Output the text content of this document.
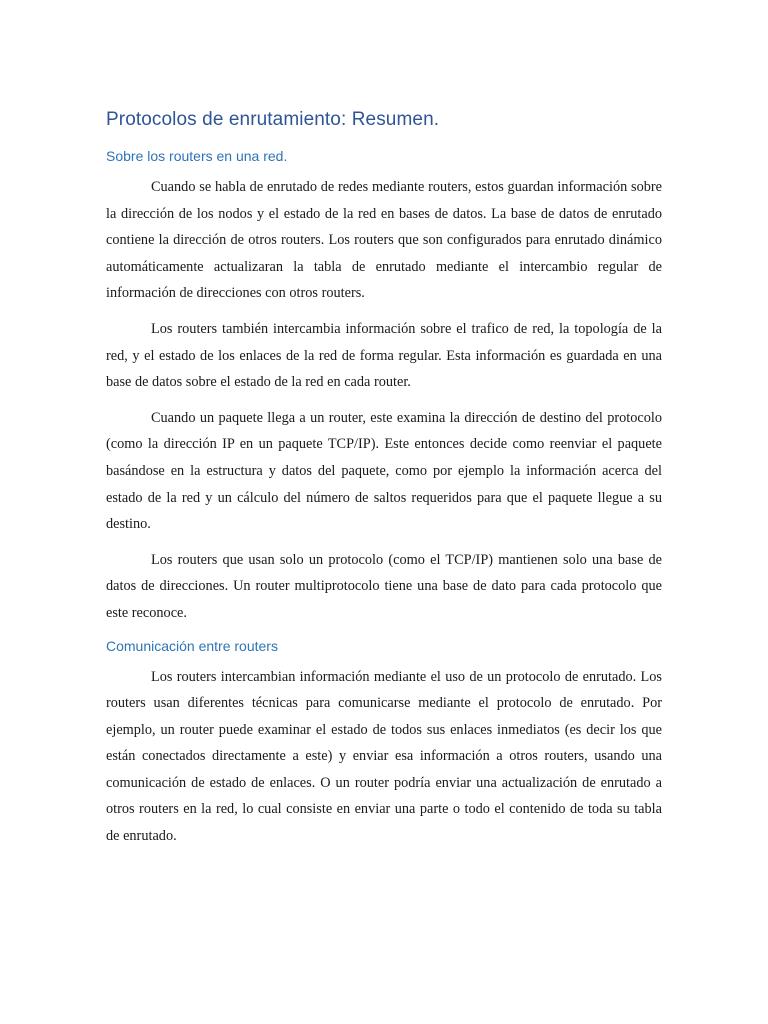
Protocolos de enrutamiento: Resumen.
Sobre los routers en una red.

Cuando se habla de enrutado de redes mediante routers, estos guardan información sobre la dirección de los nodos y el estado de la red en bases de datos. La base de datos de enrutado contiene la dirección de otros routers. Los routers que son configurados para enrutado dinámico automáticamente actualizaran la tabla de enrutado mediante el intercambio regular de información de direcciones con otros routers.

Los routers también intercambia información sobre el trafico de red, la topología de la red, y el estado de los enlaces de la red de forma regular. Esta información es guardada en una base de datos sobre el estado de la red en cada router.

Cuando un paquete llega a un router, este examina la dirección de destino del protocolo (como la dirección IP en un paquete TCP/IP). Este entonces decide como reenviar el paquete basándose en la estructura y datos del paquete, como por ejemplo la información acerca del estado de la red y un cálculo del número de saltos requeridos para que el paquete llegue a su destino.

Los routers que usan solo un protocolo (como el TCP/IP) mantienen solo una base de datos de direcciones. Un router multiprotocolo tiene una base de dato para cada protocolo que este reconoce.

Comunicación entre routers

Los routers intercambian información mediante el uso de un protocolo de enrutado. Los routers usan diferentes técnicas para comunicarse mediante el protocolo de enrutado. Por ejemplo, un router puede examinar el estado de todos sus enlaces inmediatos (es decir los que están conectados directamente a este) y enviar esa información a otros routers, usando una comunicación de estado de enlaces. O un router podría enviar una actualización de enrutado a otros routers en la red, lo cual consiste en enviar una parte o todo el contenido de toda su tabla de enrutado.
